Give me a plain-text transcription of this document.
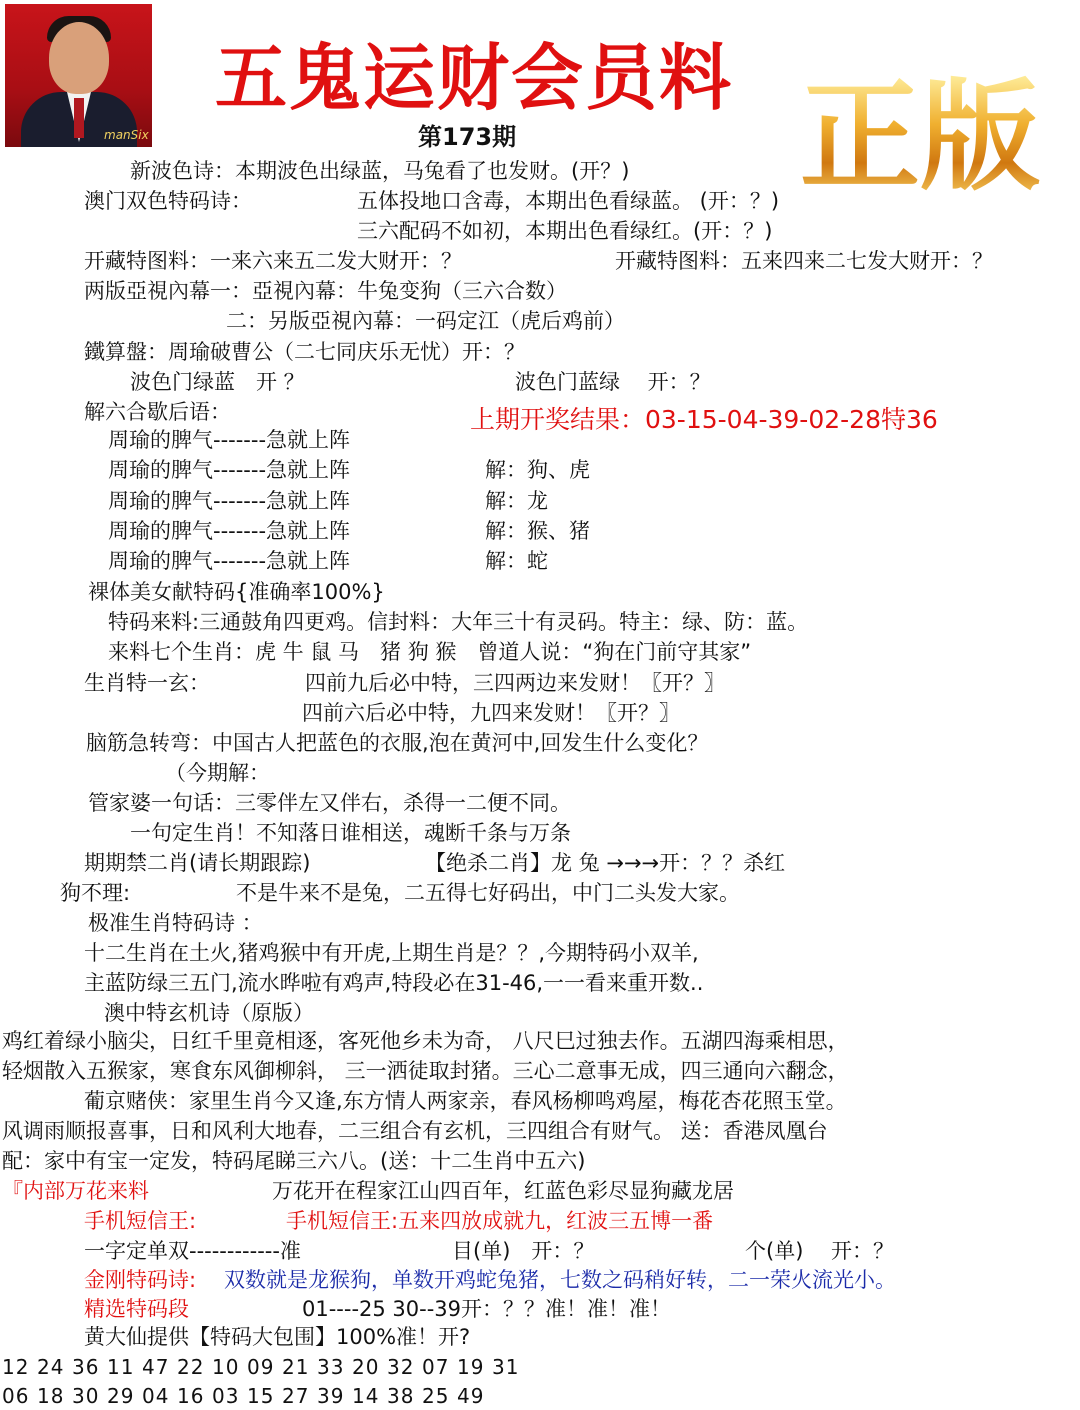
manSix
五鬼运财会员料 正版
第173期
新波色诗：本期波色出绿蓝，马兔看了也发财。(开？)
澳门双色特码诗：	五体投地口含毒，本期出色看绿蓝。 (开：？)
三六配码不如初，本期出色看绿红。(开：？)
开藏特图料：一来六来五二发大财开：？	开藏特图料：五来四来二七发大财开：？
两版亞視內幕一：亞視內幕：牛兔变狗（三六合数）
二：另版亞視內幕：一码定江（虎后鸡前）
鐵算盤：周瑜破曹公（二七同庆乐无忧）开：？
波色门绿蓝　开 ？	波色门蓝绿　 开：？
解六合歇后语：	上期开奖结果：03-15-04-39-02-28特36
周瑜的脾气-------急就上阵
周瑜的脾气-------急就上阵	解：狗、虎
周瑜的脾气-------急就上阵	解：龙
周瑜的脾气-------急就上阵	解：猴、猪
周瑜的脾气-------急就上阵	解：蛇
裸体美女献特码{准确率100%}
特码来料:三通鼓角四更鸡。信封料：大年三十有灵码。特主：绿、防：蓝。
来料七个生肖：虎 牛 鼠 马　猪 狗 猴　曾道人说：“狗在门前守其家”
生肖特一玄：	四前九后必中特，三四两边来发财！〖开？〗
四前六后必中特，九四来发财！〖开？〗
脑筋急转弯：中国古人把蓝色的衣服,泡在黄河中,回发生什么变化？
（今期解：
管家婆一句话：三零伴左又伴右，杀得一二便不同。
一句定生肖！不知落日谁相送，魂断千条与万条
期期禁二肖(请长期跟踪)	【绝杀二肖】龙 兔 →→→开：？？杀红
狗不理:	不是牛来不是兔，二五得七好码出，中门二头发大家。
极准生肖特码诗 ：
十二生肖在土火,猪鸡猴中有开虎,上期生肖是？？,今期特码小双羊,
主蓝防绿三五门,流水晔啦有鸡声,特段必在31-46,一一看来重开数..
澳中特玄机诗（原版）
鸡红着绿小脑尖，日红千里竟相逐，客死他乡未为奇， 八尺巳过独去作。五湖四海乘相思，
轻烟散入五猴家，寒食东风御柳斜， 三一洒徒取封猪。三心二意事无成，四三通向六翻念，
葡京赌侠：家里生肖今又逢,东方情人两家亲，春风杨柳鸣鸡屋，梅花杏花照玉堂。
风调雨顺报喜事，日和风利大地春，二三组合有玄机，三四组合有财气。 送：香港凤凰台
配：家中有宝一定发，特码尾睇三六八。(送：十二生肖中五六)
『内部万花来料	万花开在程家江山四百年，红蓝色彩尽显狗藏龙居
手机短信王:	手机短信王:五来四放成就九，红波三五博一番
一字定单双------------准	目(单)　开：？	个(单)　 开：？
金刚特码诗: 双数就是龙猴狗，单数开鸡蛇兔猪，七数之码稍好转，二一荣火流光小。
精选特码段	01----25 30--39开：？？准！准！准！
黄大仙提供【特码大包围】100%准！开?
12 24 36 11 47 22 10 09 21 33 20 32 07 19 31
06 18 30 29 04 16 03 15 27 39 14 38 25 49
